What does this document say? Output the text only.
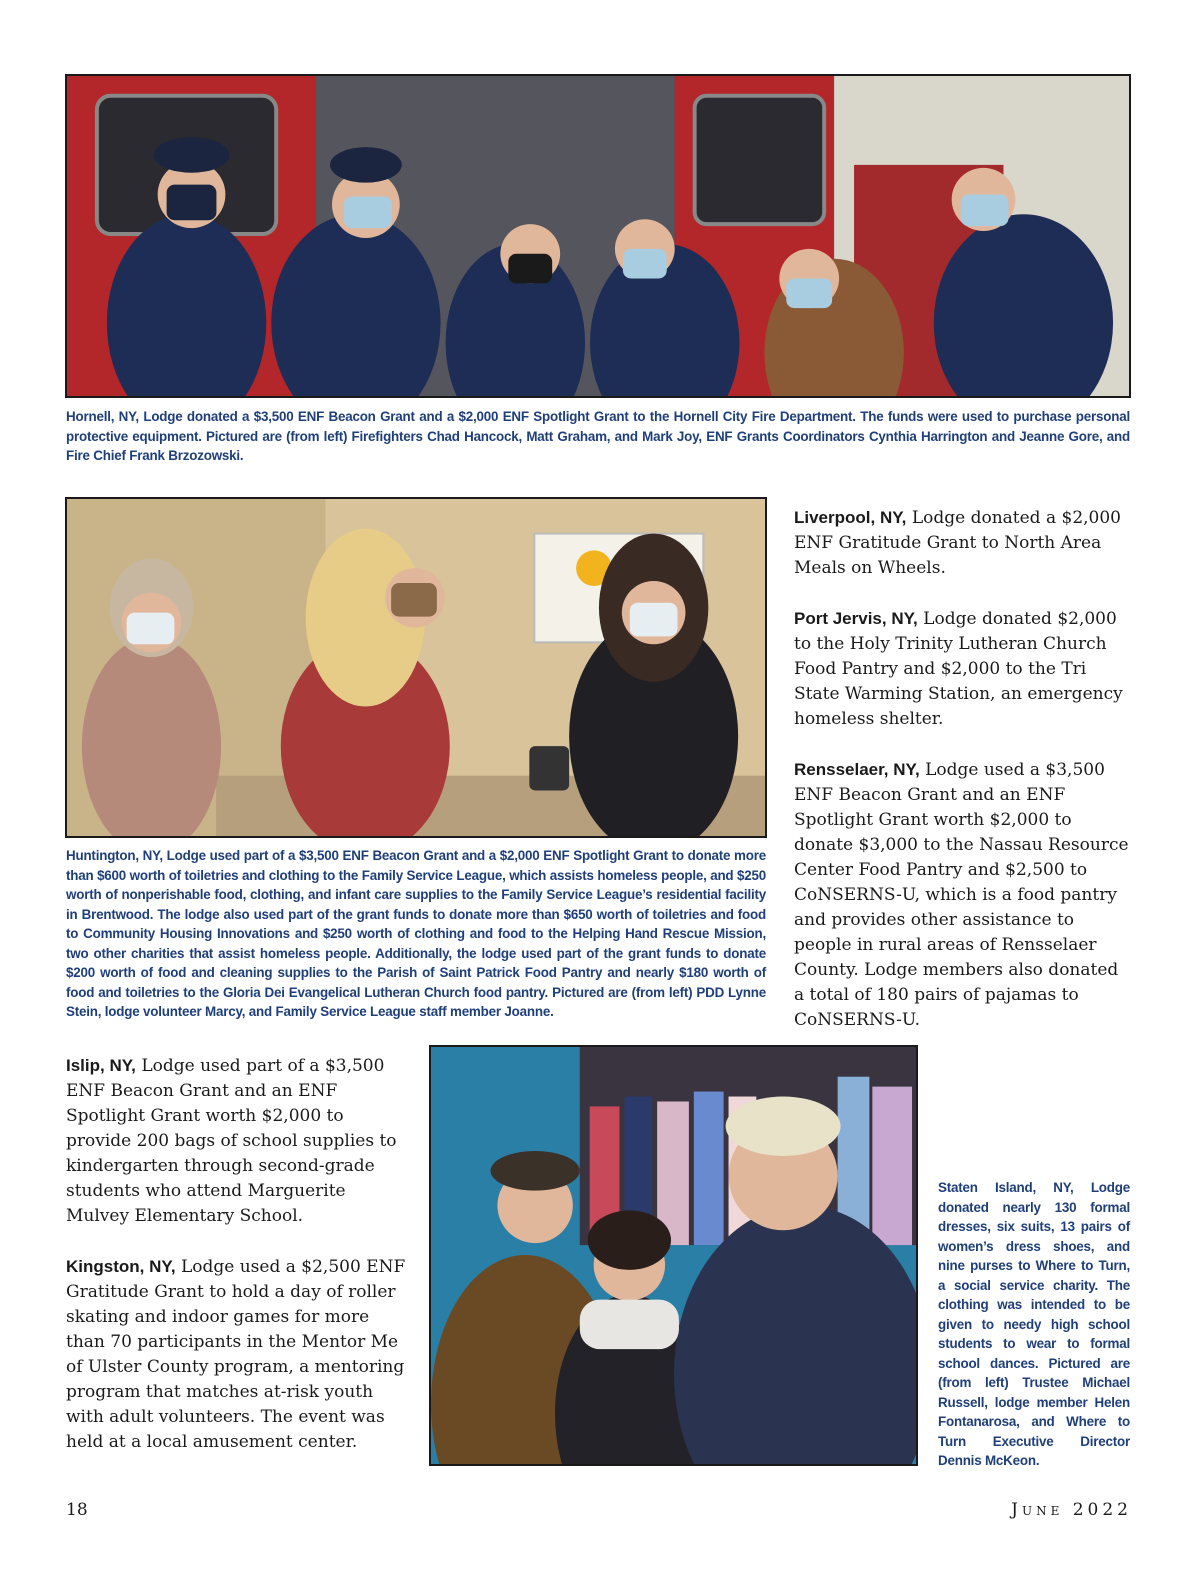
Hornell, NY, Lodge donated a $3,500 ENF Beacon Grant and a $2,000 ENF Spotlight Grant to the Hornell City Fire Department. The funds were used to purchase personal protective equipment. Pictured are (from left) Firefighters Chad Hancock, Matt Graham, and Mark Joy, ENF Grants Coordinators Cynthia Harrington and Jeanne Gore, and Fire Chief Frank Brzozowski.

Huntington, NY, Lodge used part of a $3,500 ENF Beacon Grant and a $2,000 ENF Spotlight Grant to donate more than $600 worth of toiletries and clothing to the Family Service League, which assists homeless people, and $250 worth of nonperishable food, clothing, and infant care supplies to the Family Service League’s residential facility in Brentwood. The lodge also used part of the grant funds to donate more than $650 worth of toiletries and food to Community Housing Innovations and $250 worth of clothing and food to the Helping Hand Rescue Mission, two other charities that assist homeless people. Additionally, the lodge used part of the grant funds to donate $200 worth of food and cleaning supplies to the Parish of Saint Patrick Food Pantry and nearly $180 worth of food and toiletries to the Gloria Dei Evangelical Lutheran Church food pantry. Pictured are (from left) PDD Lynne Stein, lodge volunteer Marcy, and Family Service League staff member Joanne.

Liverpool, NY, Lodge donated a $2,000 ENF Gratitude Grant to North Area Meals on Wheels.

Port Jervis, NY, Lodge donated $2,000 to the Holy Trinity Lutheran Church Food Pantry and $2,000 to the Tri State Warming Station, an emergency homeless shelter.

Rensselaer, NY, Lodge used a $3,500 ENF Beacon Grant and an ENF Spotlight Grant worth $2,000 to donate $3,000 to the Nassau Resource Center Food Pantry and $2,500 to CoNSERNS-U, which is a food pantry and provides other assistance to people in rural areas of Rensselaer County. Lodge members also donated a total of 180 pairs of pajamas to CoNSERNS-U.

Islip, NY, Lodge used part of a $3,500 ENF Beacon Grant and an ENF Spotlight Grant worth $2,000 to provide 200 bags of school supplies to kindergarten through second-grade students who attend Marguerite Mulvey Elementary School.

Kingston, NY, Lodge used a $2,500 ENF Gratitude Grant to hold a day of roller skating and indoor games for more than 70 participants in the Mentor Me of Ulster County program, a mentoring program that matches at-risk youth with adult volunteers. The event was held at a local amusement center.

Staten Island, NY, Lodge donated nearly 130 formal dresses, six suits, 13 pairs of women’s dress shoes, and nine purses to Where to Turn, a social service charity. The clothing was intended to be given to needy high school students to wear to formal school dances. Pictured are (from left) Trustee Michael Russell, lodge member Helen Fontanarosa, and Where to Turn Executive Director Dennis McKeon.

18	June 2022
